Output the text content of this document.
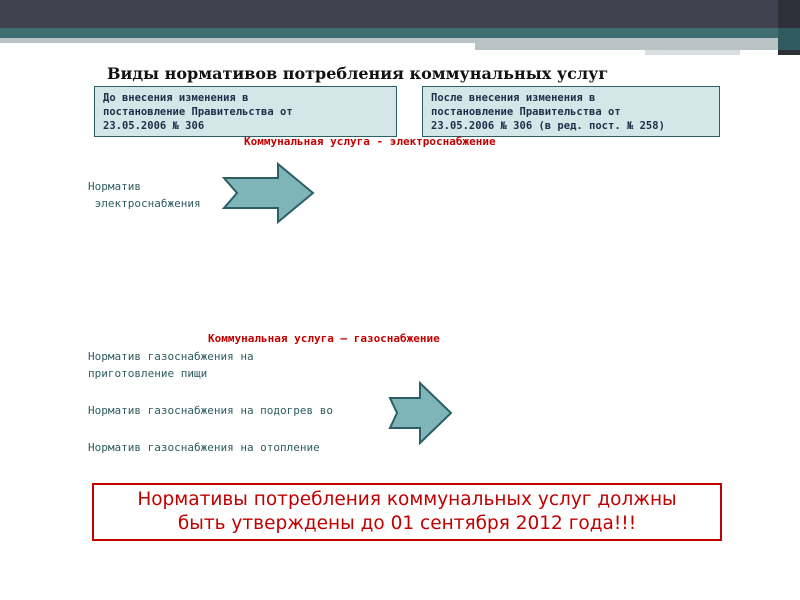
Виды нормативов потребления коммунальных услуг
До внесения изменения в
постановление Правительства от
23.05.2006 № 306
После внесения изменения в
постановление Правительства от
23.05.2006 № 306 (в ред. пост. № 258)
Коммунальная услуга - электроснабжение
Норматив
электроснабжения
Коммунальная услуга – газоснабжение
Норматив газоснабжения на
приготовление пищи
Норматив газоснабжения на подогрев во
Норматив газоснабжения на отопление
Нормативы потребления коммунальных услуг должны
быть утверждены до 01 сентября 2012 года!!!
